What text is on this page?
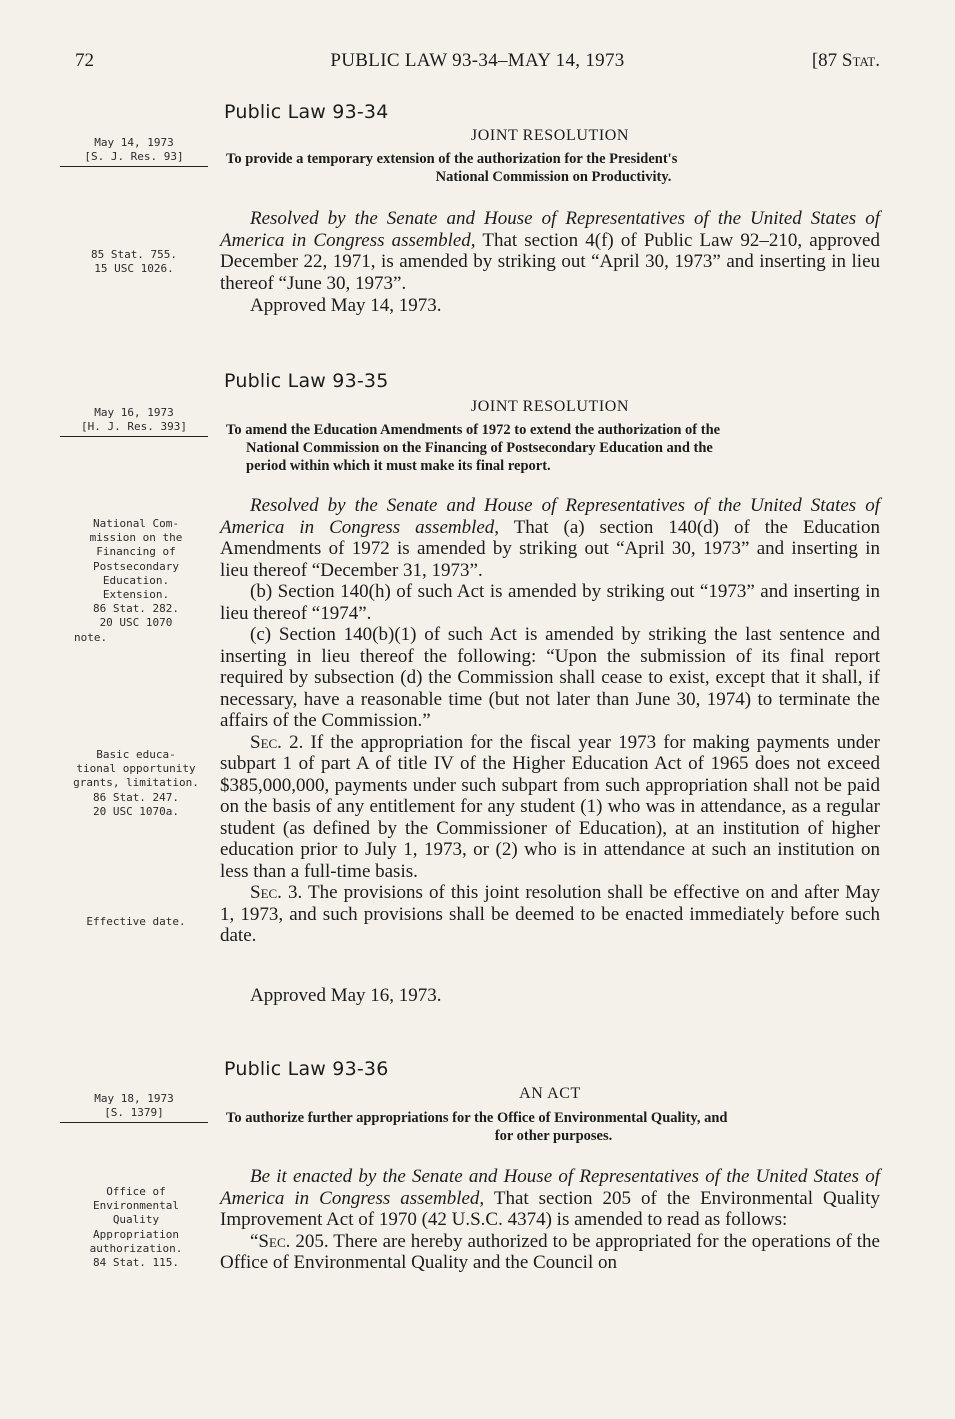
72	PUBLIC LAW 93-34–MAY 14, 1973	[87 Stat.
Public Law 93-34
May 14, 1973
[S. J. Res. 93]
JOINT RESOLUTION
To provide a temporary extension of the authorization for the President's
National Commission on Productivity.

Resolved by the Senate and House of Representatives of the United States of America in Congress assembled, That section 4(f) of Public Law 92–210, approved December 22, 1971, is amended by striking out “April 30, 1973” and inserting in lieu thereof “June 30, 1973”.

85 Stat. 755.
15 USC 1026.
Approved May 14, 1973.
Public Law 93-35
May 16, 1973
[H. J. Res. 393]
JOINT RESOLUTION
To amend the Education Amendments of 1972 to extend the authorization of the
National Commission on the Financing of Postsecondary Education and the
period within which it must make its final report.

Resolved by the Senate and House of Representatives of the United States of America in Congress assembled, That (a) section 140(d) of the Education Amendments of 1972 is amended by striking out “April 30, 1973” and inserting in lieu thereof “December 31, 1973”.

(b) Section 140(h) of such Act is amended by striking out “1973” and inserting in lieu thereof “1974”.

(c) Section 140(b)(1) of such Act is amended by striking the last sentence and inserting in lieu thereof the following: “Upon the submission of its final report required by subsection (d) the Commission shall cease to exist, except that it shall, if necessary, have a reasonable time (but not later than June 30, 1974) to terminate the affairs of the Commission.”

Sec. 2. If the appropriation for the fiscal year 1973 for making payments under subpart 1 of part A of title IV of the Higher Education Act of 1965 does not exceed $385,000,000, payments under such subpart from such appropriation shall not be paid on the basis of any entitlement for any student (1) who was in attendance, as a regular student (as defined by the Commissioner of Education), at an institution of higher education prior to July 1, 1973, or (2) who is in attendance at such an institution on less than a full-time basis.

Sec. 3. The provisions of this joint resolution shall be effective on and after May 1, 1973, and such provisions shall be deemed to be enacted immediately before such date.

National Com-
mission on the
Financing of
Postsecondary
Education.
Extension.
86 Stat. 282.
20 USC 1070
note.
Basic educa-
tional opportunity
grants, limitation.
86 Stat. 247.
20 USC 1070a.
Effective date.
Approved May 16, 1973.
Public Law 93-36
May 18, 1973
[S. 1379]
AN ACT
To authorize further appropriations for the Office of Environmental Quality, and
for other purposes.

Be it enacted by the Senate and House of Representatives of the United States of America in Congress assembled, That section 205 of the Environmental Quality Improvement Act of 1970 (42 U.S.C. 4374) is amended to read as follows:

“Sec. 205. There are hereby authorized to be appropriated for the operations of the Office of Environmental Quality and the Council on

Office of
Environmental
Quality
Appropriation
authorization.
84 Stat. 115.
